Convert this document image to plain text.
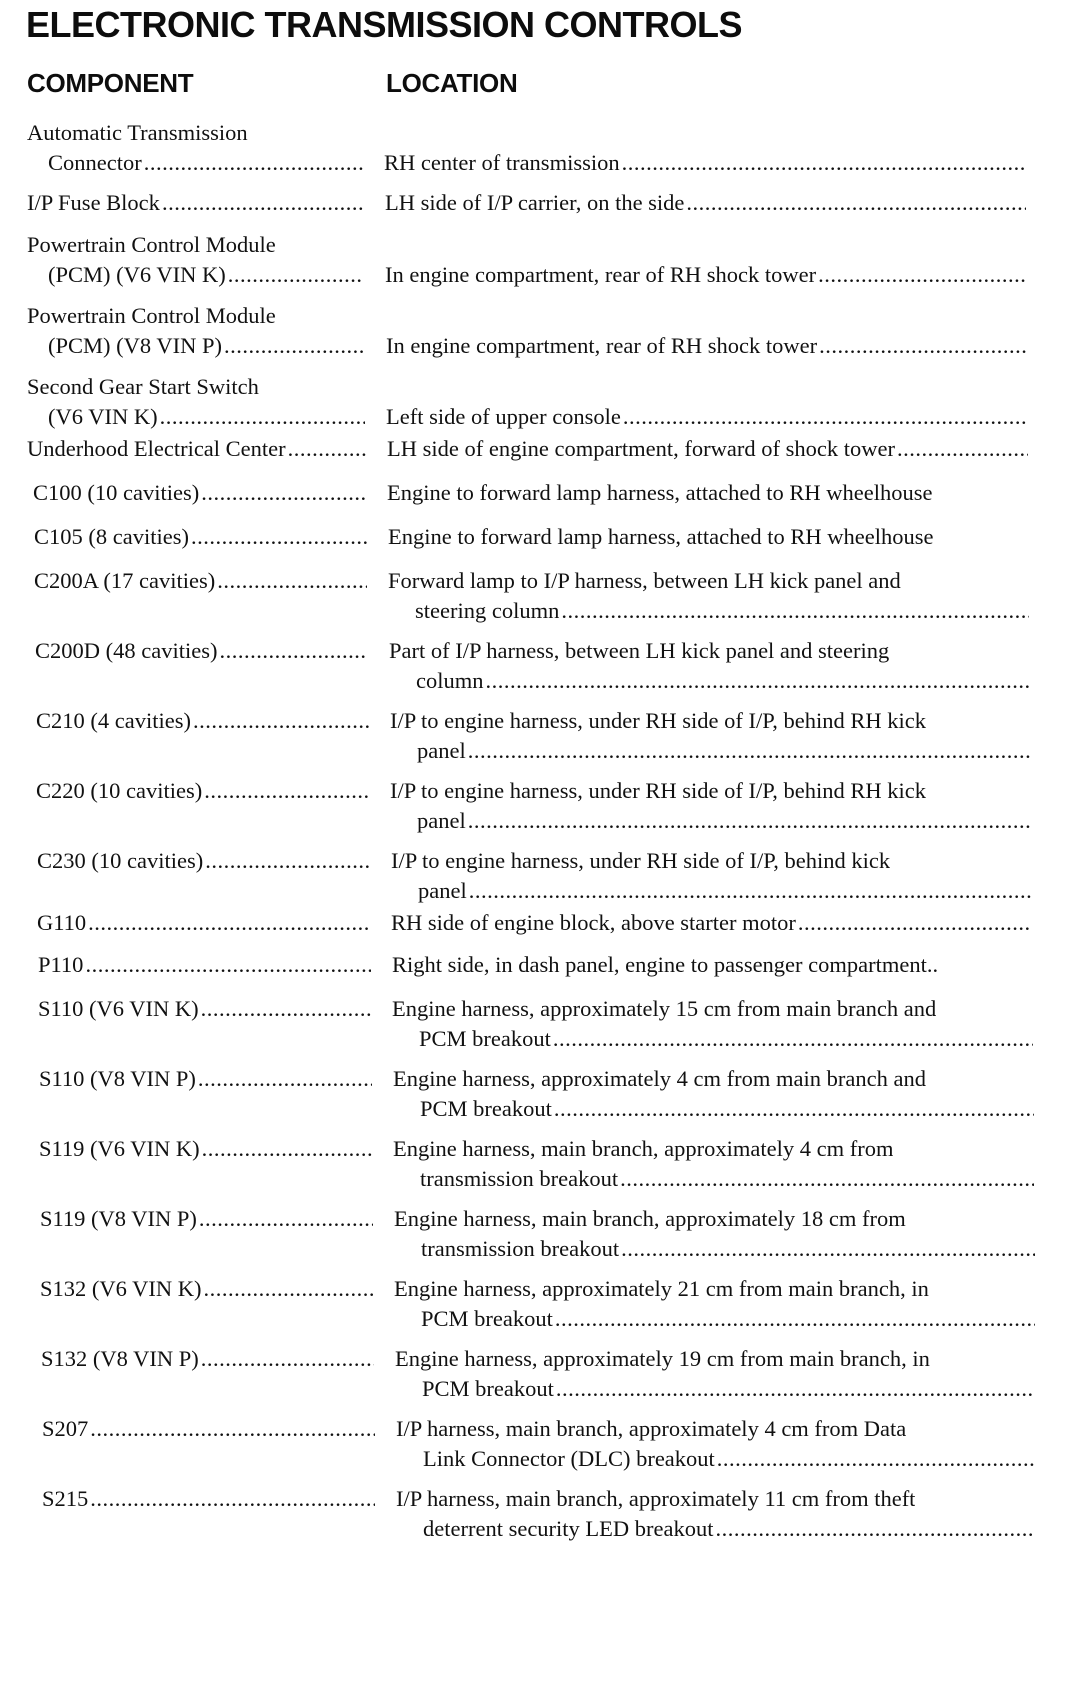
ELECTRONIC TRANSMISSION CONTROLS
COMPONENT	LOCATION
Automatic Transmission
Connector .....	RH center of transmission
.....
I/P Fuse Block .....	LH side of I/P carrier, on the side
.....
Powertrain Control Module
(PCM) (V6 VIN K) .....	In engine compartment, rear of RH shock tower
.....
Powertrain Control Module
(PCM) (V8 VIN P) .....	In engine compartment, rear of RH shock tower
.....
Second Gear Start Switch
(V6 VIN K) .....	Left side of upper console
.....
Underhood Electrical Center .....	LH side of engine compartment, forward of shock tower
.....
C100 (10 cavities) .....	Engine to forward lamp harness, attached to RH wheelhouse
C105 (8 cavities) .....	Engine to forward lamp harness, attached to RH wheelhouse
C200A (17 cavities) .....	Forward lamp to I/P harness, between LH kick panel and
steering column
.....
C200D (48 cavities) .....	Part of I/P harness, between LH kick panel and steering
column
.....
C210 (4 cavities) .....	I/P to engine harness, under RH side of I/P, behind RH kick
panel
.....
C220 (10 cavities) .....	I/P to engine harness, under RH side of I/P, behind RH kick
panel
.....
C230 (10 cavities) .....	I/P to engine harness, under RH side of I/P, behind kick
panel
.....
G110 .....	RH side of engine block, above starter motor
.....
P110 .....	Right side, in dash panel, engine to passenger compartment..
S110 (V6 VIN K) .....	Engine harness, approximately 15 cm from main branch and
PCM breakout
.....
S110 (V8 VIN P) .....	Engine harness, approximately 4 cm from main branch and
PCM breakout
.....
S119 (V6 VIN K) .....	Engine harness, main branch, approximately 4 cm from
transmission breakout
.....
S119 (V8 VIN P) .....	Engine harness, main branch, approximately 18 cm from
transmission breakout
.....
S132 (V6 VIN K) .....	Engine harness, approximately 21 cm from main branch, in
PCM breakout
.....
S132 (V8 VIN P) .....	Engine harness, approximately 19 cm from main branch, in
PCM breakout
.....
S207 .....	I/P harness, main branch, approximately 4 cm from Data
Link Connector (DLC) breakout
.....
S215 .....	I/P harness, main branch, approximately 11 cm from theft
deterrent security LED breakout
.....
